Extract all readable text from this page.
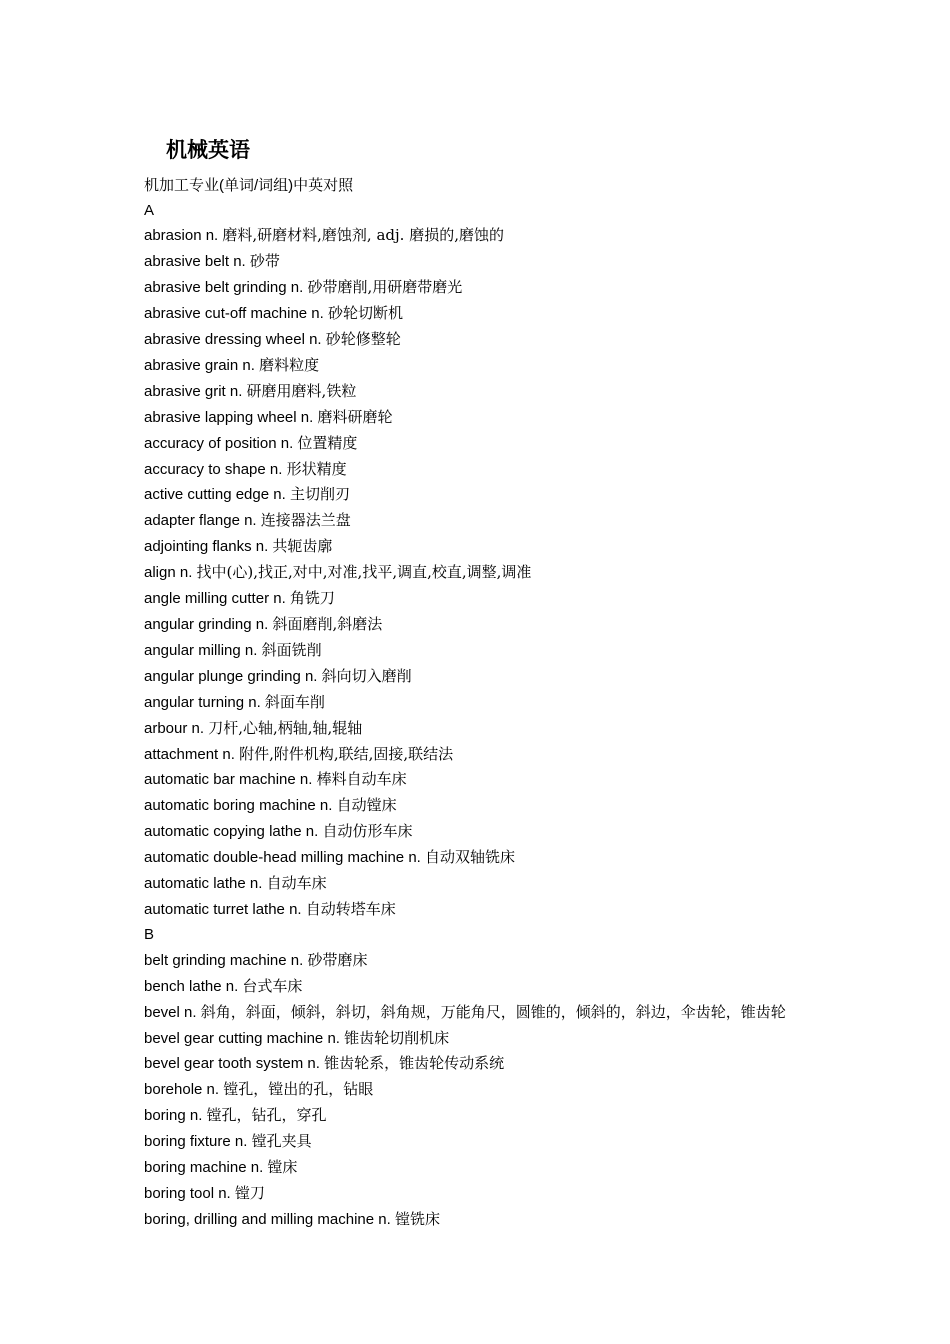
机械英语
机加工专业(单词/词组)中英对照
A
abrasion n. 磨料,研磨材料,磨蚀剂, adj. 磨损的,磨蚀的
abrasive belt n. 砂带
abrasive belt grinding n. 砂带磨削,用研磨带磨光
abrasive cut-off machine n. 砂轮切断机
abrasive dressing wheel n. 砂轮修整轮
abrasive grain n. 磨料粒度
abrasive grit n. 研磨用磨料,铁粒
abrasive lapping wheel n. 磨料研磨轮
accuracy of position n. 位置精度
accuracy to shape n. 形状精度
active cutting edge n. 主切削刃
adapter flange n. 连接器法兰盘
adjointing flanks n. 共轭齿廓
align n. 找中(心),找正,对中,对准,找平,调直,校直,调整,调准
angle milling cutter n. 角铣刀
angular grinding n. 斜面磨削,斜磨法
angular milling n. 斜面铣削
angular plunge grinding n. 斜向切入磨削
angular turning n. 斜面车削
arbour n. 刀杆,心轴,柄轴,轴,辊轴
attachment n. 附件,附件机构,联结,固接,联结法
automatic bar machine n. 棒料自动车床
automatic boring machine n. 自动镗床
automatic copying lathe n. 自动仿形车床
automatic double-head milling machine n. 自动双轴铣床
automatic lathe n. 自动车床
automatic turret lathe n. 自动转塔车床
B
belt grinding machine n. 砂带磨床
bench lathe n. 台式车床
bevel n. 斜角，斜面，倾斜，斜切，斜角规，万能角尺，圆锥的，倾斜的，斜边，伞齿轮，锥齿轮
bevel gear cutting machine n. 锥齿轮切削机床
bevel gear tooth system n. 锥齿轮系，锥齿轮传动系统
borehole n. 镗孔，镗出的孔，钻眼
boring n. 镗孔，钻孔，穿孔
boring fixture n. 镗孔夹具
boring machine n. 镗床
boring tool n. 镗刀
boring, drilling and milling machine n. 镗铣床
